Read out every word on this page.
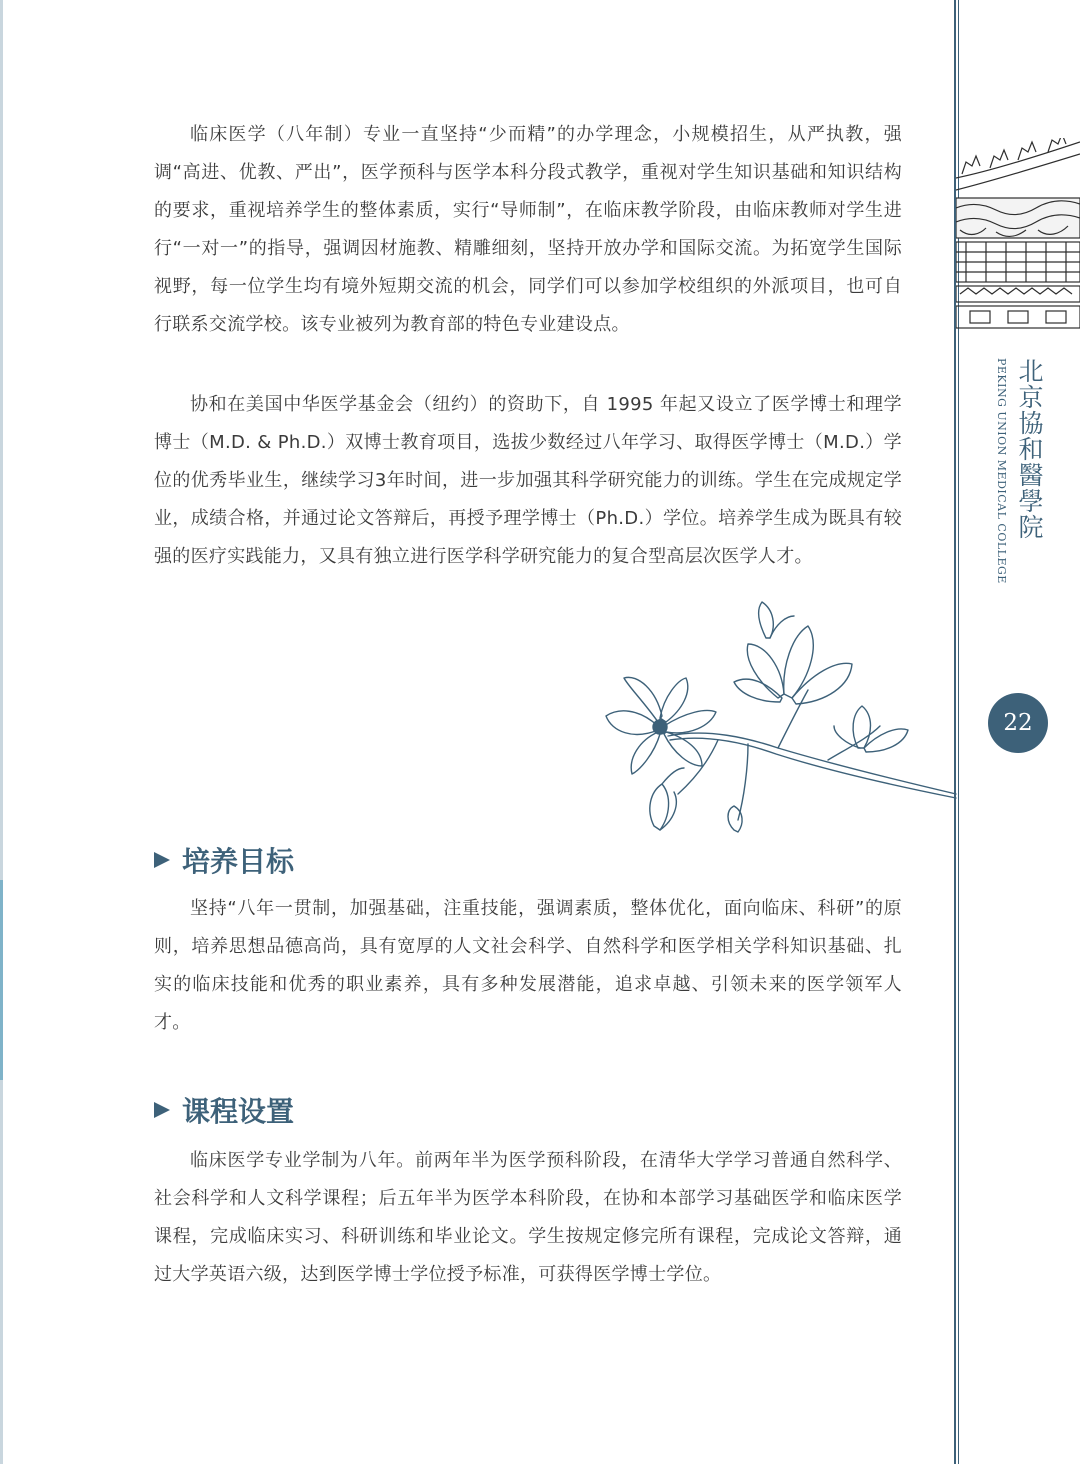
临床医学（八年制）专业一直坚持“少而精”的办学理念，小规模招生，从严执教，强调“高进、优教、严出”，医学预科与医学本科分段式教学，重视对学生知识基础和知识结构的要求，重视培养学生的整体素质，实行“导师制”，在临床教学阶段，由临床教师对学生进行“一对一”的指导，强调因材施教、精雕细刻，坚持开放办学和国际交流。为拓宽学生国际视野，每一位学生均有境外短期交流的机会，同学们可以参加学校组织的外派项目，也可自行联系交流学校。该专业被列为教育部的特色专业建设点。

协和在美国中华医学基金会（纽约）的资助下，自 1995 年起又设立了医学博士和理学博士（M.D. & Ph.D.）双博士教育项目，选拔少数经过八年学习、取得医学博士（M.D.）学位的优秀毕业生，继续学习3年时间，进一步加强其科学研究能力的训练。学生在完成规定学业，成绩合格，并通过论文答辩后，再授予理学博士（Ph.D.）学位。培养学生成为既具有较强的医疗实践能力，又具有独立进行医学科学研究能力的复合型高层次医学人才。

培养目标

坚持“八年一贯制，加强基础，注重技能，强调素质，整体优化，面向临床、科研”的原则，培养思想品德高尚，具有宽厚的人文社会科学、自然科学和医学相关学科知识基础、扎实的临床技能和优秀的职业素养，具有多种发展潜能，追求卓越、引领未来的医学领军人才。

课程设置

临床医学专业学制为八年。前两年半为医学预科阶段，在清华大学学习普通自然科学、社会科学和人文科学课程；后五年半为医学本科阶段，在协和本部学习基础医学和临床医学课程，完成临床实习、科研训练和毕业论文。学生按规定修完所有课程，完成论文答辩，通过大学英语六级，达到医学博士学位授予标准，可获得医学博士学位。

PEKING UNION MEDICAL COLLEGE 北京協和醫學院
22
